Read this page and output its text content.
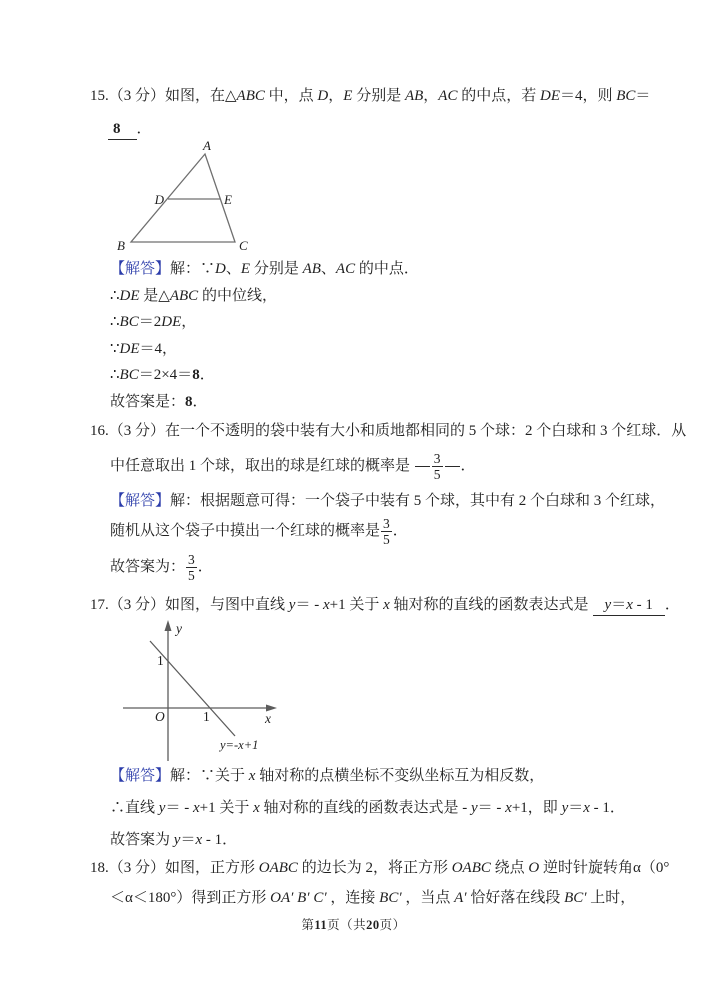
15.（3 分）如图，在△ABC 中，点 D，E 分别是 AB，AC 的中点，若 DE＝4，则 BC＝
8 ．
A
B	C
D	E
【解答】解：∵D、E 分别是 AB、AC 的中点．
∴DE 是△ABC 的中位线，
∴BC＝2DE，
∵DE＝4，
∴BC＝2×4＝8．
故答案是：8．
16.（3 分）在一个不透明的袋中装有大小和质地都相同的 5 个球：2 个白球和 3 个红球．从
中任意取出 1 个球，取出的球是红球的概率是 $\frac{3}{5}$ ．
【解答】解：根据题意可得：一个袋子中装有 5 个球，其中有 2 个白球和 3 个红球，
随机从这个袋子中摸出一个红球的概率是 $\frac{3}{5}$ ．
故答案为： $\frac{3}{5}$ ．
17.（3 分）如图，与图中直线 y＝ - x+1 关于 x 轴对称的直线的函数表达式是 y＝x - 1 ．
y
x
O
1
1
y=-x+1
【解答】解：∵关于 x 轴对称的点横坐标不变纵坐标互为相反数，
∴直线 y＝ - x+1 关于 x 轴对称的直线的函数表达式是 - y＝ - x+1，即 y＝x - 1．
故答案为 y＝x - 1．
18.（3 分）如图，正方形 OABC 的边长为 2，将正方形 OABC 绕点 O 逆时针旋转角α（0°
＜α＜180°）得到正方形 OA′ B′ C′ ，连接 BC′ ，当点 A′ 恰好落在线段 BC′ 上时，
第11页（共20页）
